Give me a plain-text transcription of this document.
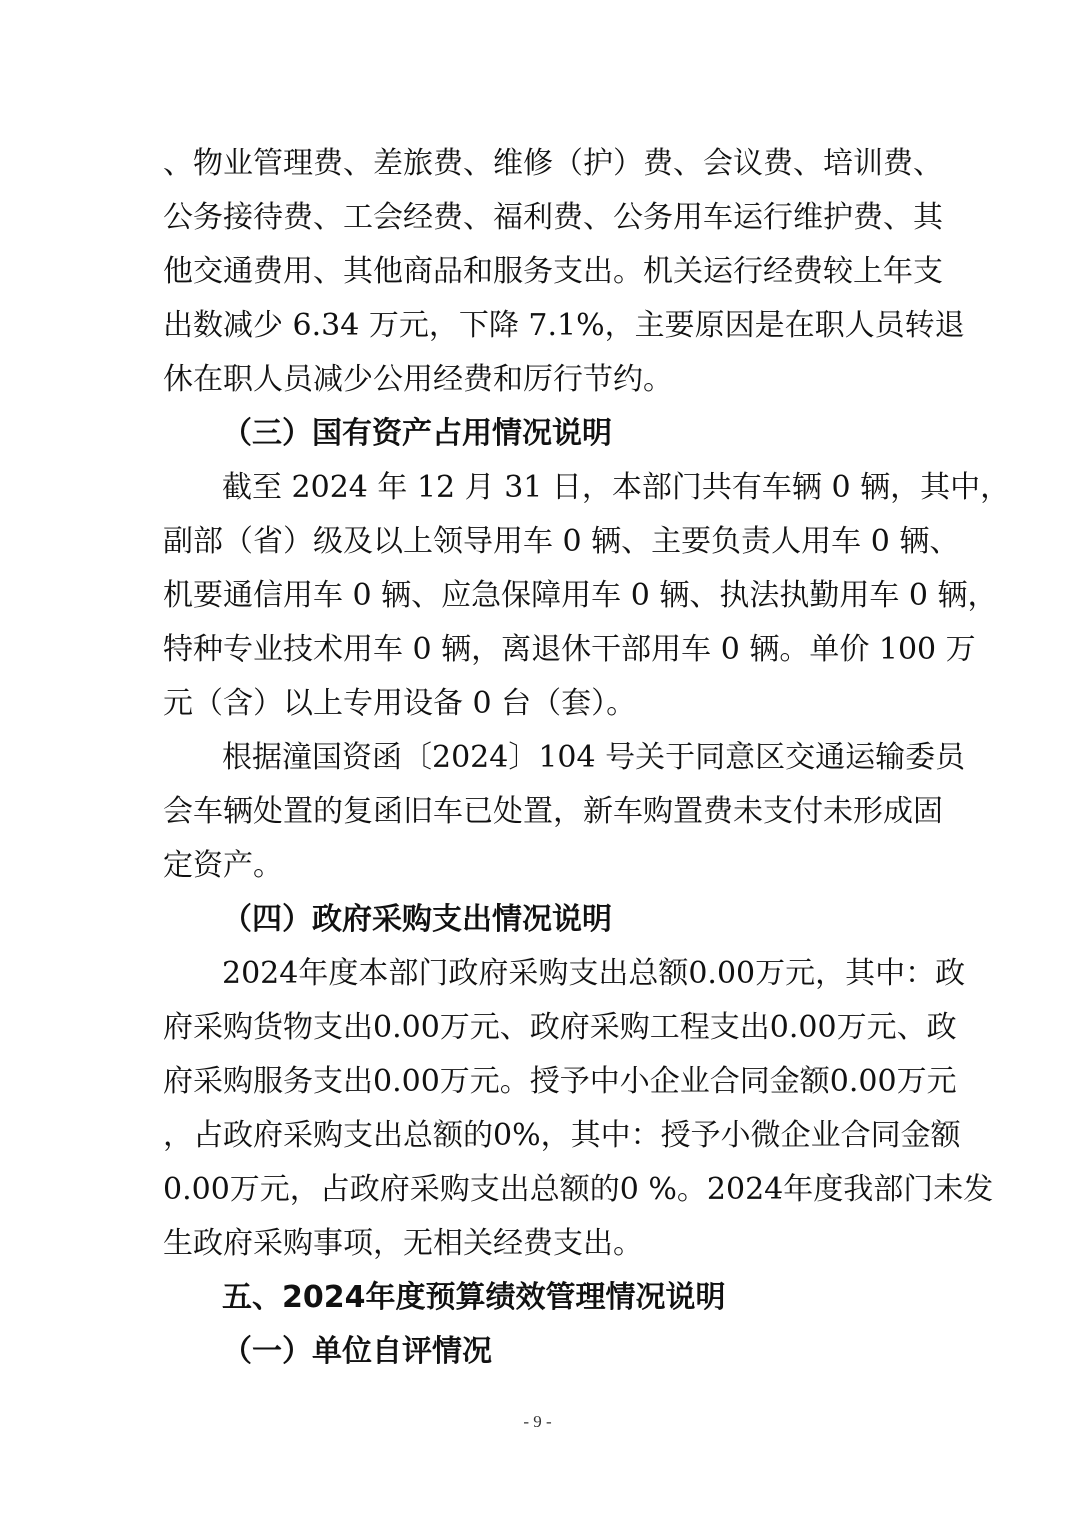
、物业管理费、差旅费、维修（护）费、会议费、培训费、
公务接待费、工会经费、福利费、公务用车运行维护费、其
他交通费用、其他商品和服务支出。机关运行经费较上年支
出数减少 6.34 万元，下降 7.1%，主要原因是在职人员转退
休在职人员减少公用经费和厉行节约。
（三）国有资产占用情况说明
截至 2024 年 12 月 31 日，本部门共有车辆 0 辆，其中，
副部（省）级及以上领导用车 0 辆、主要负责人用车 0 辆、
机要通信用车 0 辆、应急保障用车 0 辆、执法执勤用车 0 辆，
特种专业技术用车 0 辆，离退休干部用车 0 辆。单价 100 万
元（含）以上专用设备 0 台（套）。
根据潼国资函〔2024〕104 号关于同意区交通运输委员
会车辆处置的复函旧车已处置，新车购置费未支付未形成固
定资产。
（四）政府采购支出情况说明
2024年度本部门政府采购支出总额0.00万元，其中：政
府采购货物支出0.00万元、政府采购工程支出0.00万元、政
府采购服务支出0.00万元。授予中小企业合同金额0.00万元
，占政府采购支出总额的0%，其中：授予小微企业合同金额
0.00万元，占政府采购支出总额的0 %。2024年度我部门未发
生政府采购事项，无相关经费支出。
五、2024年度预算绩效管理情况说明
（一）单位自评情况
- 9 -
